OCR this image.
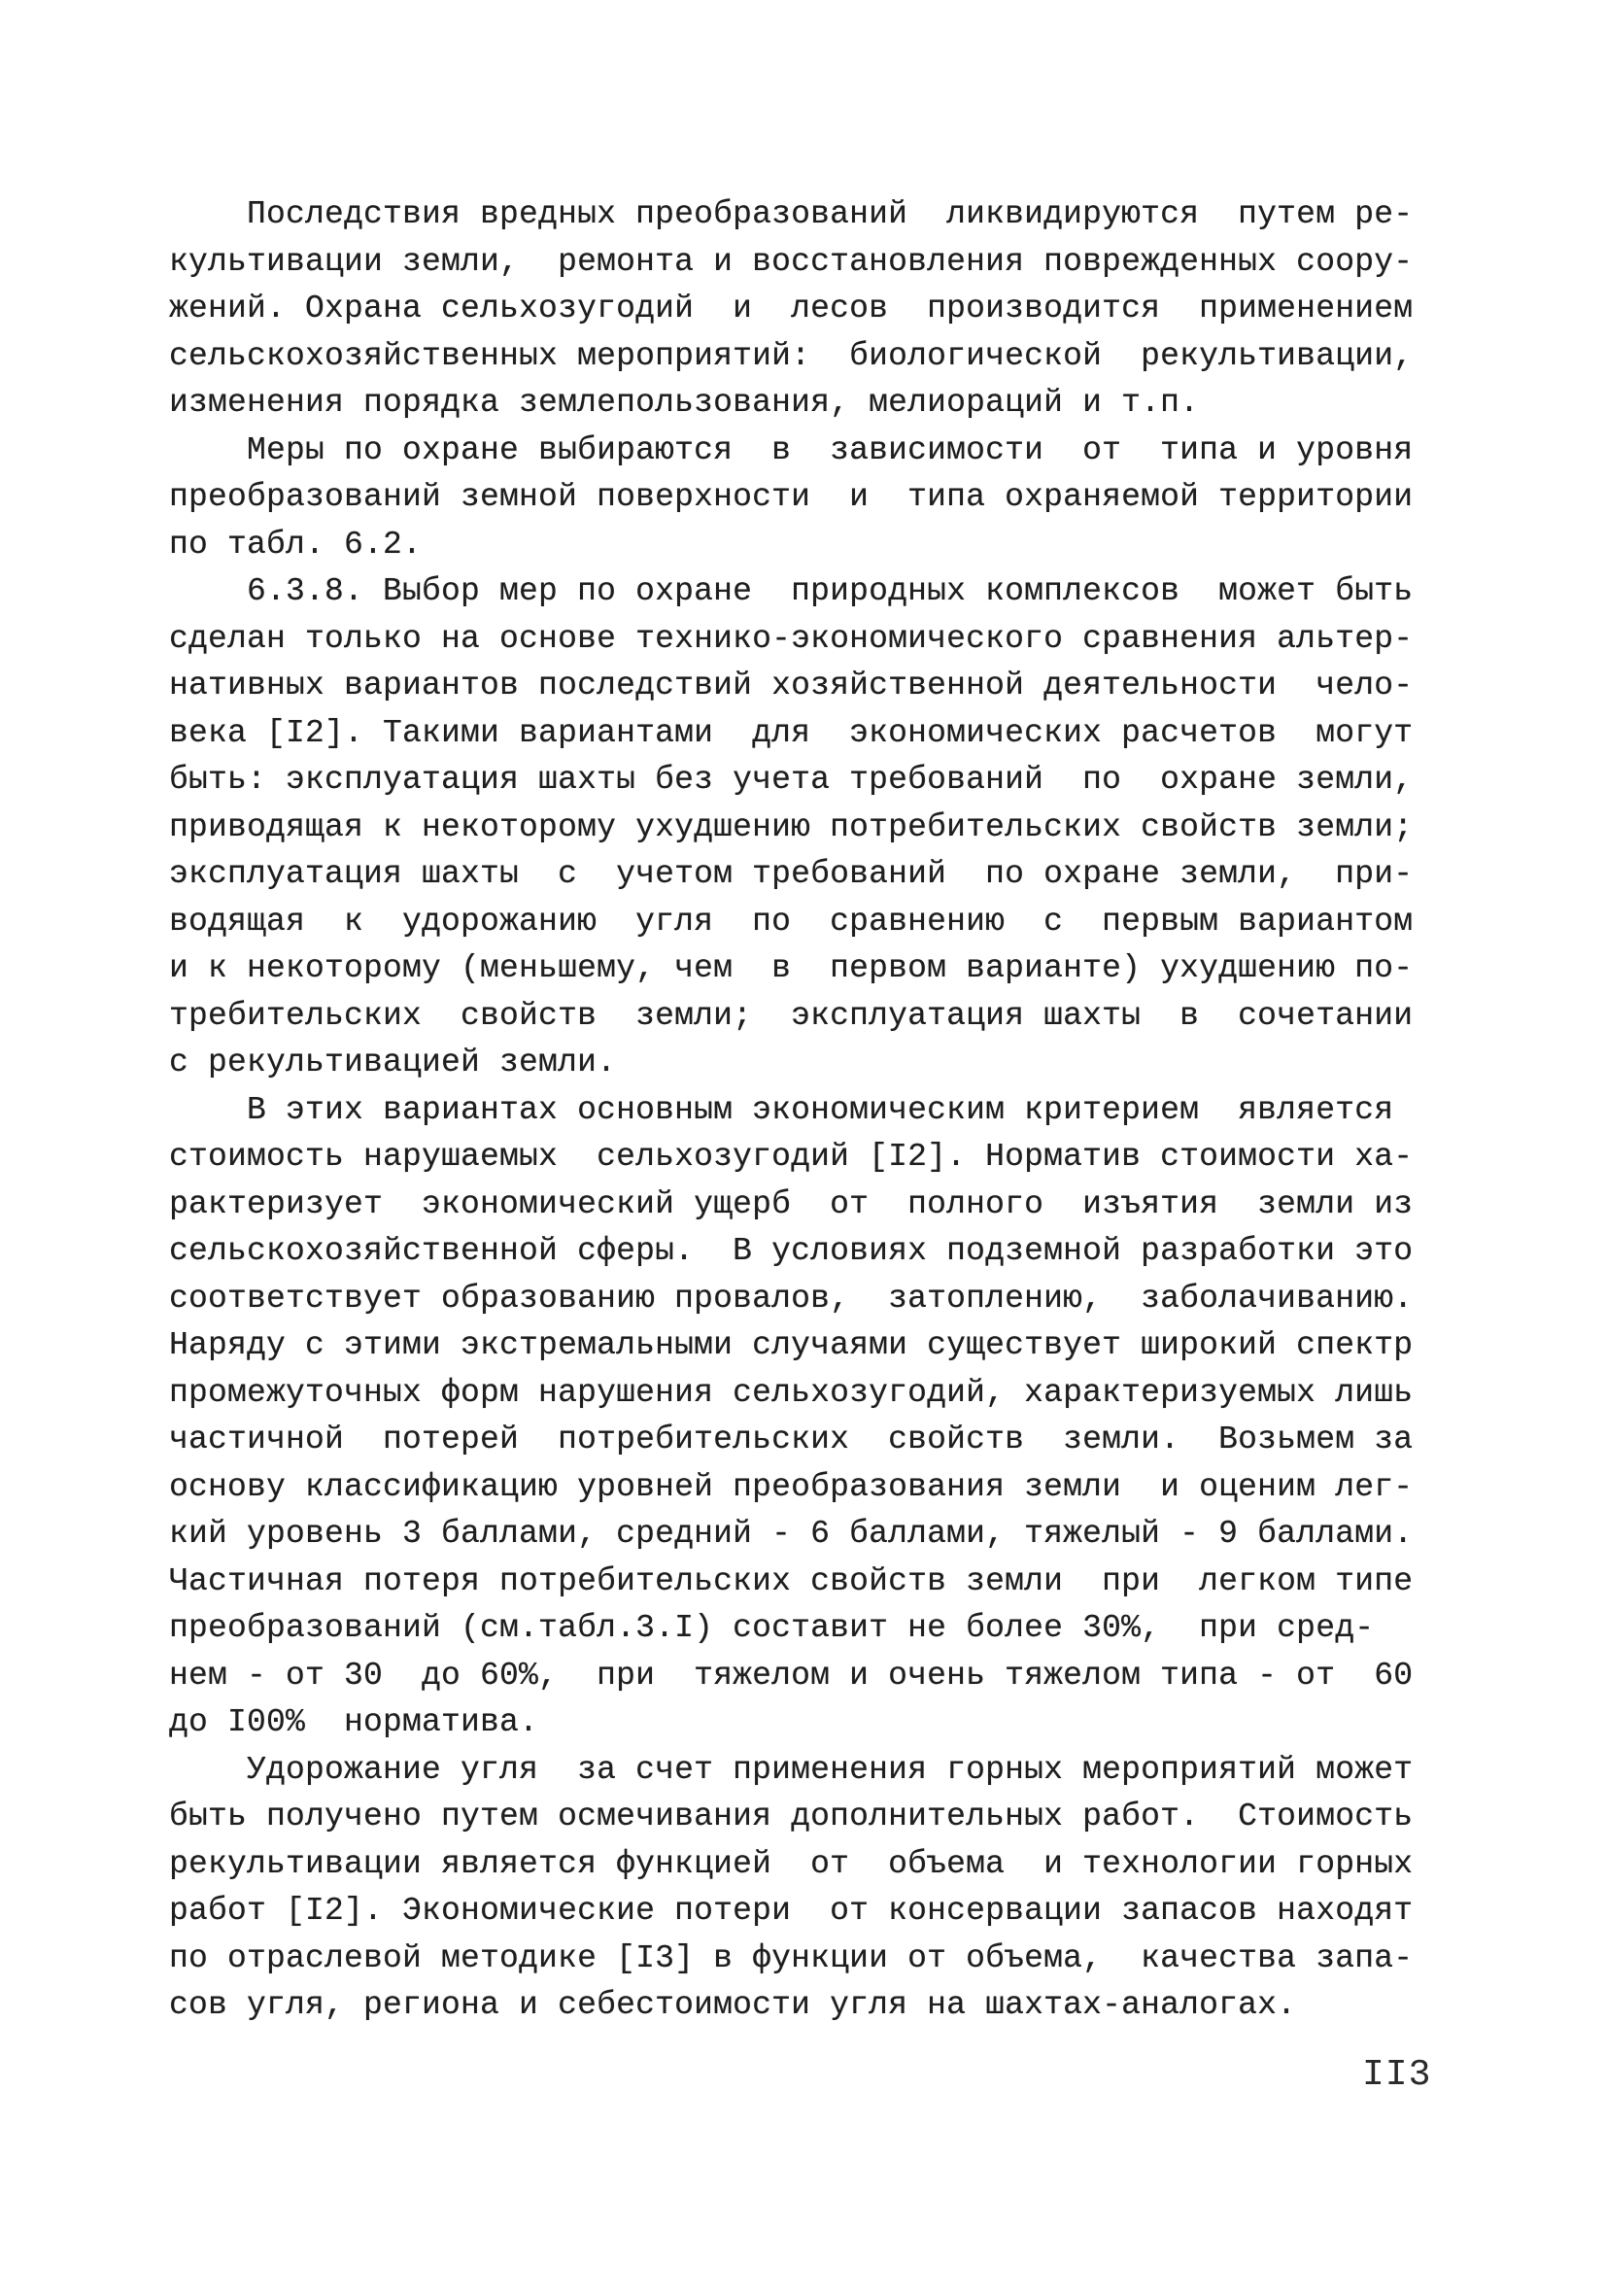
Последствия вредных преобразований  ликвидируются  путем ре-
культивации земли,  ремонта и восстановления поврежденных соору-
жений. Охрана сельхозугодий  и  лесов  производится  применением
сельскохозяйственных мероприятий:  биологической  рекультивации,
изменения порядка землепользования, мелиораций и т.п.
Меры по охране выбираются  в  зависимости  от  типа и уровня
преобразований земной поверхности  и  типа охраняемой территории
по табл. 6.2.
6.3.8. Выбор мер по охране  природных комплексов  может быть
сделан только на основе технико-экономического сравнения альтер-
нативных вариантов последствий хозяйственной деятельности  чело-
века [I2]. Такими вариантами  для  экономических расчетов  могут
быть: эксплуатация шахты без учета требований  по  охране земли,
приводящая к некоторому ухудшению потребительских свойств земли;
эксплуатация шахты  с  учетом требований  по охране земли,  при-
водящая  к  удорожанию  угля  по  сравнению  с  первым вариантом
и к некоторому (меньшему, чем  в  первом варианте) ухудшению по-
требительских  свойств  земли;  эксплуатация шахты  в  сочетании
с рекультивацией земли.
В этих вариантах основным экономическим критерием  является
стоимость нарушаемых  сельхозугодий [I2]. Норматив стоимости ха-
рактеризует  экономический ущерб  от  полного  изъятия  земли из
сельскохозяйственной сферы.  В условиях подземной разработки это
соответствует образованию провалов,  затоплению,  заболачиванию.
Наряду с этими экстремальными случаями существует широкий спектр
промежуточных форм нарушения сельхозугодий, характеризуемых лишь
частичной  потерей  потребительских  свойств  земли.  Возьмем за
основу классификацию уровней преобразования земли  и оценим лег-
кий уровень 3 баллами, средний - 6 баллами, тяжелый - 9 баллами.
Частичная потеря потребительских свойств земли  при  легком типе
преобразований (см.табл.3.I) составит не более 30%,  при сред-
нем - от 30  до 60%,  при  тяжелом и очень тяжелом типа - от  60
до I00%  норматива.
Удорожание угля  за счет применения горных мероприятий может
быть получено путем осмечивания дополнительных работ.  Стоимость
рекультивации является функцией  от  объема  и технологии горных
работ [I2]. Экономические потери  от консервации запасов находят
по отраслевой методике [I3] в функции от объема,  качества запа-
сов угля, региона и себестоимости угля на шахтах-аналогах.
II3
